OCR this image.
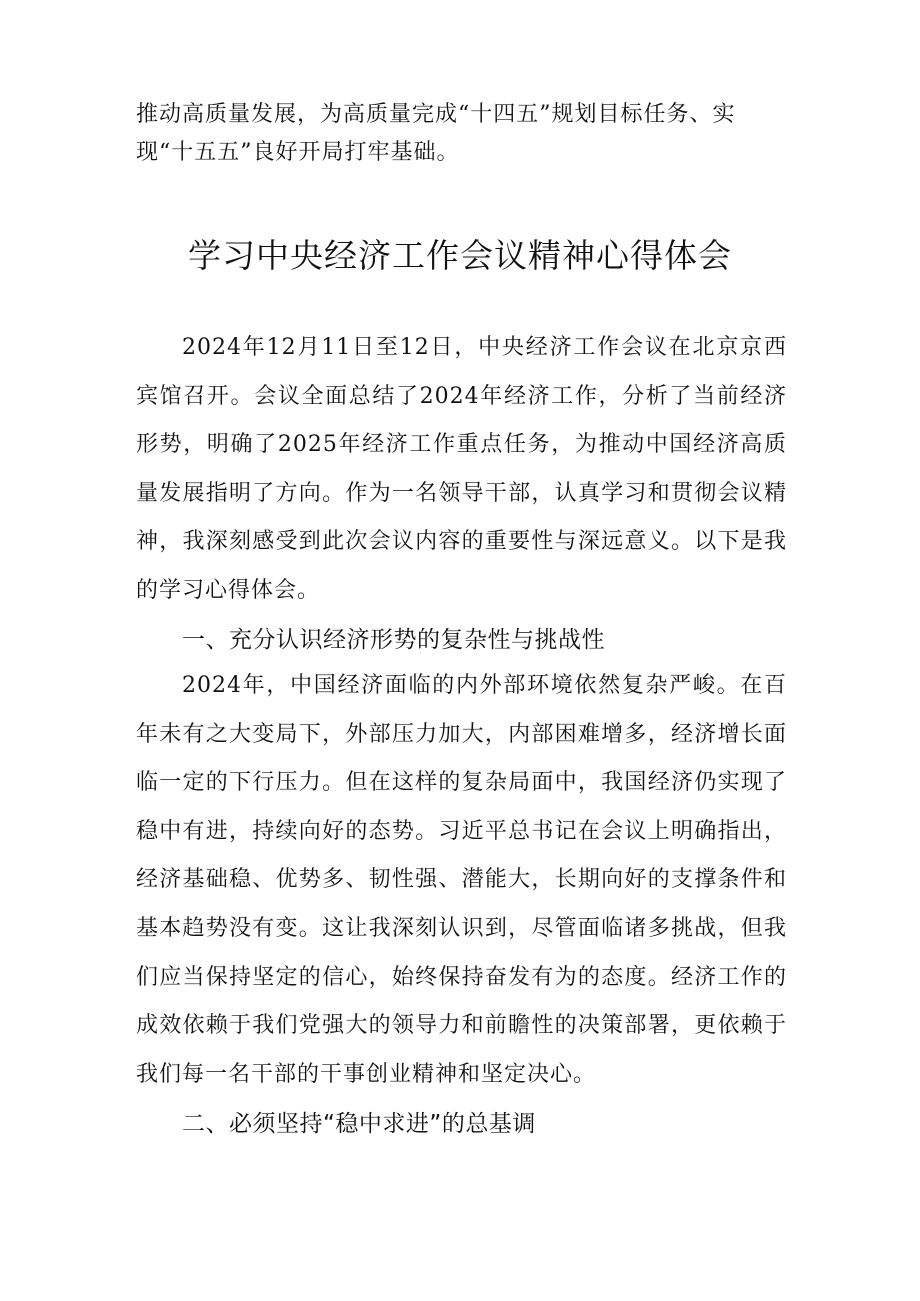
推动高质量发展，为高质量完成“十四五”规划目标任务、实现“十五五”良好开局打牢基础。

学习中央经济工作会议精神心得体会

2024年12月11日至12日，中央经济工作会议在北京京西宾馆召开。会议全面总结了2024年经济工作，分析了当前经济形势，明确了2025年经济工作重点任务，为推动中国经济高质量发展指明了方向。作为一名领导干部，认真学习和贯彻会议精神，我深刻感受到此次会议内容的重要性与深远意义。以下是我的学习心得体会。

一、充分认识经济形势的复杂性与挑战性

2024年，中国经济面临的内外部环境依然复杂严峻。在百年未有之大变局下，外部压力加大，内部困难增多，经济增长面临一定的下行压力。但在这样的复杂局面中，我国经济仍实现了稳中有进，持续向好的态势。习近平总书记在会议上明确指出，经济基础稳、优势多、韧性强、潜能大，长期向好的支撑条件和基本趋势没有变。这让我深刻认识到，尽管面临诸多挑战，但我们应当保持坚定的信心，始终保持奋发有为的态度。经济工作的成效依赖于我们党强大的领导力和前瞻性的决策部署，更依赖于我们每一名干部的干事创业精神和坚定决心。

二、必须坚持“稳中求进”的总基调
